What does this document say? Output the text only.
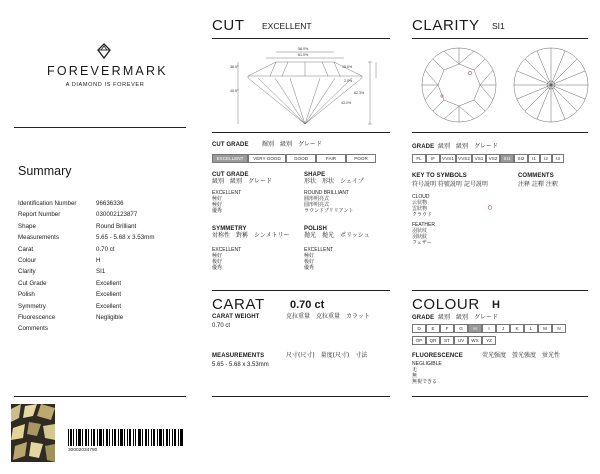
FOREVERMARK
A DIAMOND IS FOREVER
Summary
Identification Number	96636336
Report Number	030002123877
Shape	Round Brilliant
Measurements	5.65 - 5.68 x 3.53mm
Carat	0.70 ct
Colour	H
Clarity	SI1
Cut Grade	Excellent
Polish	Excellent
Symmetry	Excellent
Fluorescence	Negligible
Comments
30002034780
CUT EXCELLENT
58.0%
61.0%
36.5°
40.9°
15.0%
2.0%
62.3%
43.0%
CUT GRADE 輝別　級別　グレード
EXCELLENT	VERY GOOD	GOOD	FAIR	POOR
CUT GRADE
級別　級別　グレード
EXCELLENT
極好
極好
優秀
SHAPE
形状　形状　シェイプ
ROUND BRILLIANT
圓形明亮式
圆形明亮式
ラウンドブリリアント
SYMMETRY
対称性　對稱　シンメトリー
EXCELLENT
極好
极好
優秀
POLISH
抛光　拋光　ポリッシュ
EXCELLENT
極好
极好
優秀
CLARITY SI1
GRADE 級別　級別　グレード
FL	IF	VVS1 VVS2	VS1	VS2	SI1	SI2	I1	I2	I3
KEY TO SYMBOLS
符号説明 符號説明 記号説明
COMMENTS
注释 註釋 注釈
CLOUD
云状物
雲狀物
クラウド
FEATHER
羽状纹
羽狀紋
フェザー
CARAT 0.70 ct
CARAT WEIGHT	克拉重量　克拉重量　カラット
0.70 ct
MEASUREMENTS	尺寸(尺寸)　量度(尺寸)　寸法
5.65 - 5.68 x 3.53mm
COLOUR H
GRADE 級別　級別　グレード
D	E	F	G	H	I	J	K	L	M	N
OP	QR	ST	UV	WX	YZ
FLUORESCENCE	荧光强度　螢光強度　蛍光性
NEGLIGIBLE
无
無
無視できる
